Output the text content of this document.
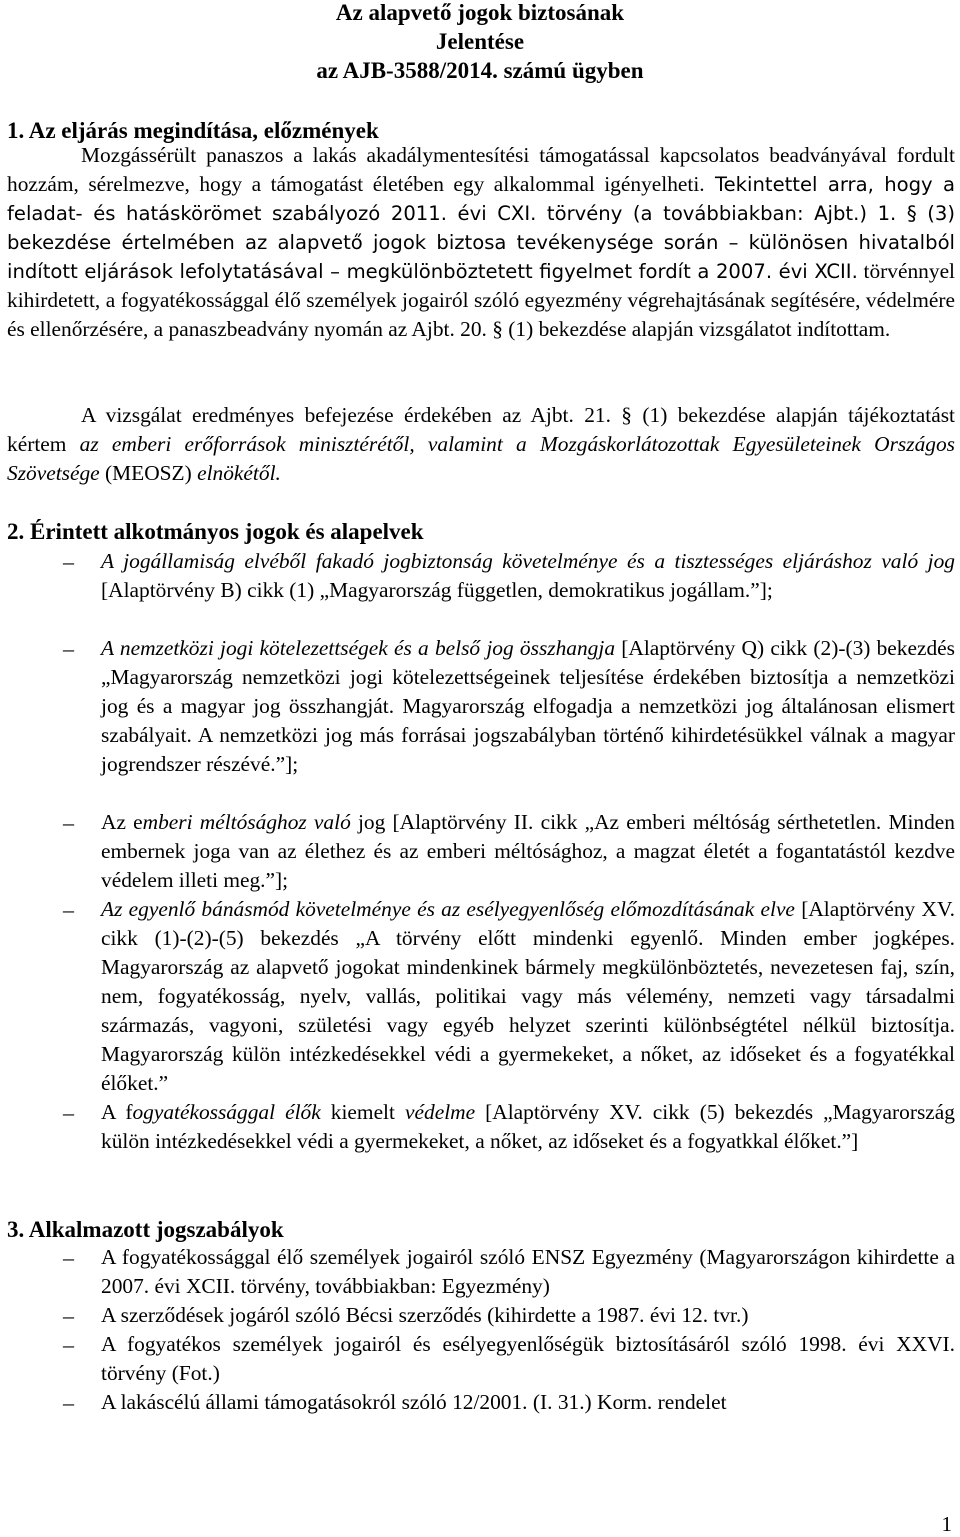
Az alapvető jogok biztosának
Jelentése
az AJB-3588/2014. számú ügyben
1. Az eljárás megindítása, előzmények
Mozgássérült panaszos a lakás akadálymentesítési támogatással kapcsolatos beadványával fordult hozzám, sérelmezve, hogy a támogatást életében egy alkalommal igényelheti. Tekintettel arra, hogy a feladat- és hatáskörömet szabályozó 2011. évi CXI. törvény (a továbbiakban: Ajbt.) 1. § (3) bekezdése értelmében az alapvető jogok biztosa tevékenysége során – különösen hivatalból indított eljárások lefolytatásával – megkülönböztetett figyelmet fordít a 2007. évi XCII. törvénnyel kihirdetett, a fogyatékossággal élő személyek jogairól szóló egyezmény végrehajtásának segítésére, védelmére és ellenőrzésére, a panaszbeadvány nyomán az Ajbt. 20. § (1) bekezdése alapján vizsgálatot indítottam.
A vizsgálat eredményes befejezése érdekében az Ajbt. 21. § (1) bekezdése alapján tájékoztatást kértem az emberi erőforrások minisztérétől, valamint a Mozgáskorlátozottak Egyesületeinek Országos Szövetsége (MEOSZ) elnökétől.
2. Érintett alkotmányos jogok és alapelvek
– A jogállamiság elvéből fakadó jogbiztonság követelménye és a tisztességes eljáráshoz való jog [Alaptörvény B) cikk (1) „Magyarország független, demokratikus jogállam.”];
– A nemzetközi jogi kötelezettségek és a belső jog összhangja [Alaptörvény Q) cikk (2)-(3) bekezdés „Magyarország nemzetközi jogi kötelezettségeinek teljesítése érdekében biztosítja a nemzetközi jog és a magyar jog összhangját. Magyarország elfogadja a nemzetközi jog általánosan elismert szabályait. A nemzetközi jog más forrásai jogszabályban történő kihirdetésükkel válnak a magyar jogrendszer részévé.”];
– Az emberi méltósághoz való jog [Alaptörvény II. cikk „Az emberi méltóság sérthetetlen. Minden embernek joga van az élethez és az emberi méltósághoz, a magzat életét a fogantatástól kezdve védelem illeti meg.”];
– Az egyenlő bánásmód követelménye és az esélyegyenlőség előmozdításának elve [Alaptörvény XV. cikk (1)-(2)-(5) bekezdés „A törvény előtt mindenki egyenlő. Minden ember jogképes. Magyarország az alapvető jogokat mindenkinek bármely megkülönböztetés, nevezetesen faj, szín, nem, fogyatékosság, nyelv, vallás, politikai vagy más vélemény, nemzeti vagy társadalmi származás, vagyoni, születési vagy egyéb helyzet szerinti különbségtétel nélkül biztosítja. Magyarország külön intézkedésekkel védi a gyermekeket, a nőket, az időseket és a fogyatékkal élőket.”
– A fogyatékossággal élők kiemelt védelme [Alaptörvény XV. cikk (5) bekezdés „Magyarország külön intézkedésekkel védi a gyermekeket, a nőket, az időseket és a fogyatkkal élőket.”]
3. Alkalmazott jogszabályok
– A fogyatékossággal élő személyek jogairól szóló ENSZ Egyezmény (Magyarországon kihirdette a 2007. évi XCII. törvény, továbbiakban: Egyezmény)
– A szerződések jogáról szóló Bécsi szerződés (kihirdette a 1987. évi 12. tvr.)
– A fogyatékos személyek jogairól és esélyegyenlőségük biztosításáról szóló 1998. évi XXVI. törvény (Fot.)
– A lakáscélú állami támogatásokról szóló 12/2001. (I. 31.) Korm. rendelet
1
